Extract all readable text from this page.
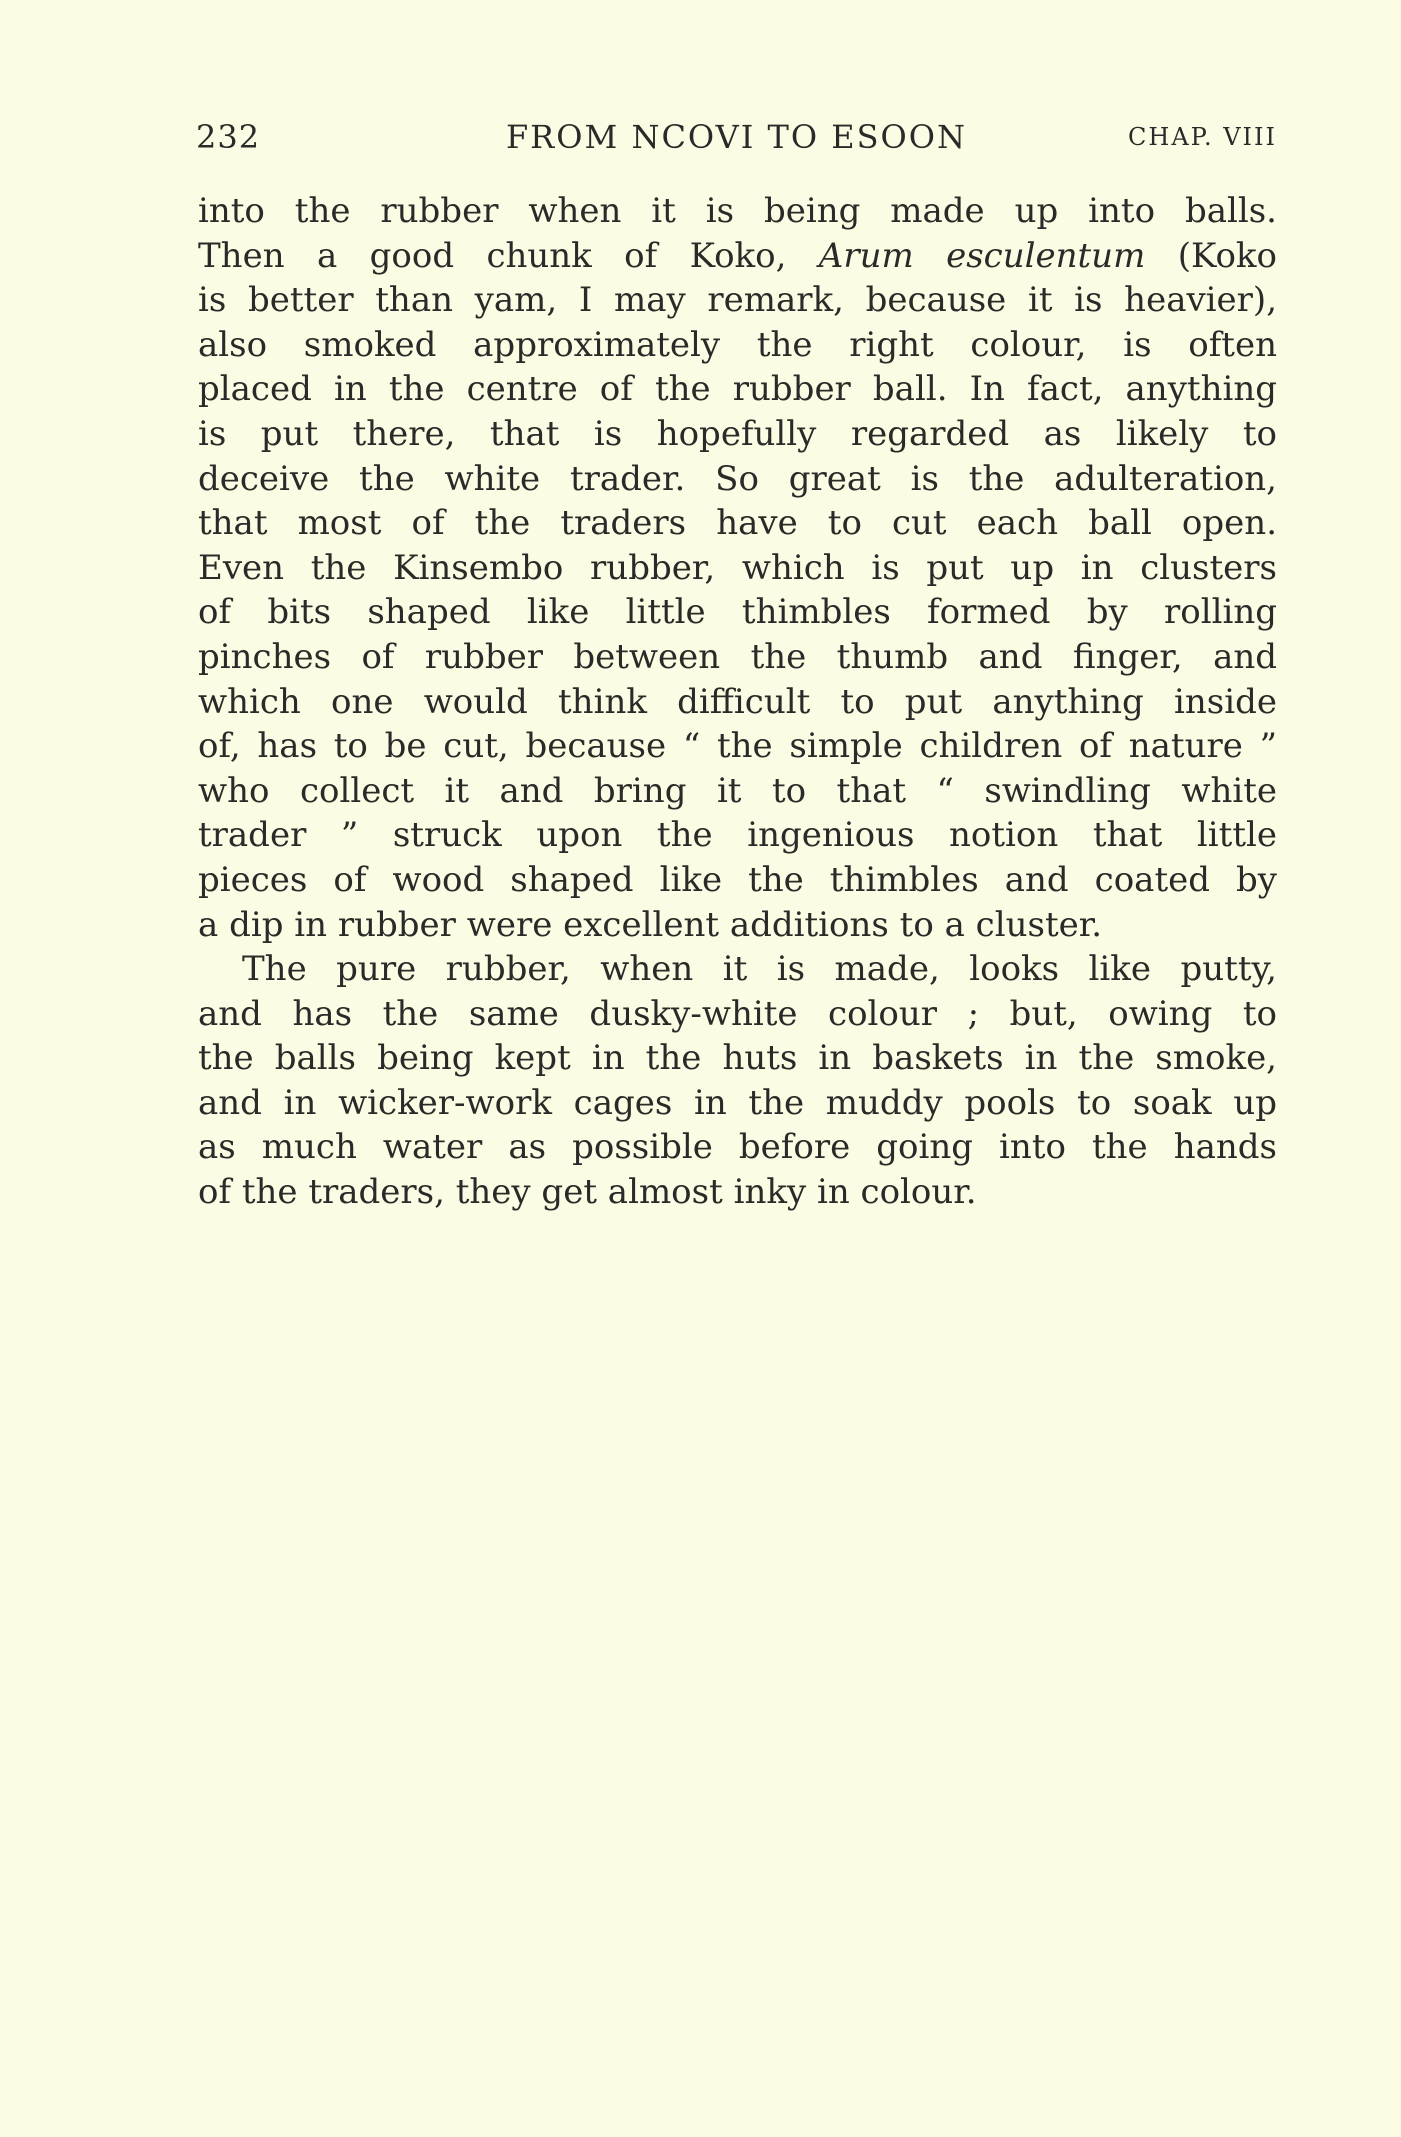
FROM NCOVI TO ESOON
232	CHAP. VIII
into the rubber when it is being made up into balls.
Then a good chunk of Koko, Arum esculentum (Koko
is better than yam, I may remark, because it is heavier),
also smoked approximately the right colour, is often
placed in the centre of the rubber ball. In fact, anything
is put there, that is hopefully regarded as likely to
deceive the white trader. So great is the adulteration,
that most of the traders have to cut each ball open.
Even the Kinsembo rubber, which is put up in clusters
of bits shaped like little thimbles formed by rolling
pinches of rubber between the thumb and finger, and
which one would think difficult to put anything inside
of, has to be cut, because “ the simple children of nature ”
who collect it and bring it to that “ swindling white
trader ” struck upon the ingenious notion that little
pieces of wood shaped like the thimbles and coated by
a dip in rubber were excellent additions to a cluster.
The pure rubber, when it is made, looks like putty,
and has the same dusky-white colour ; but, owing to
the balls being kept in the huts in baskets in the smoke,
and in wicker-work cages in the muddy pools to soak up
as much water as possible before going into the hands
of the traders, they get almost inky in colour.
